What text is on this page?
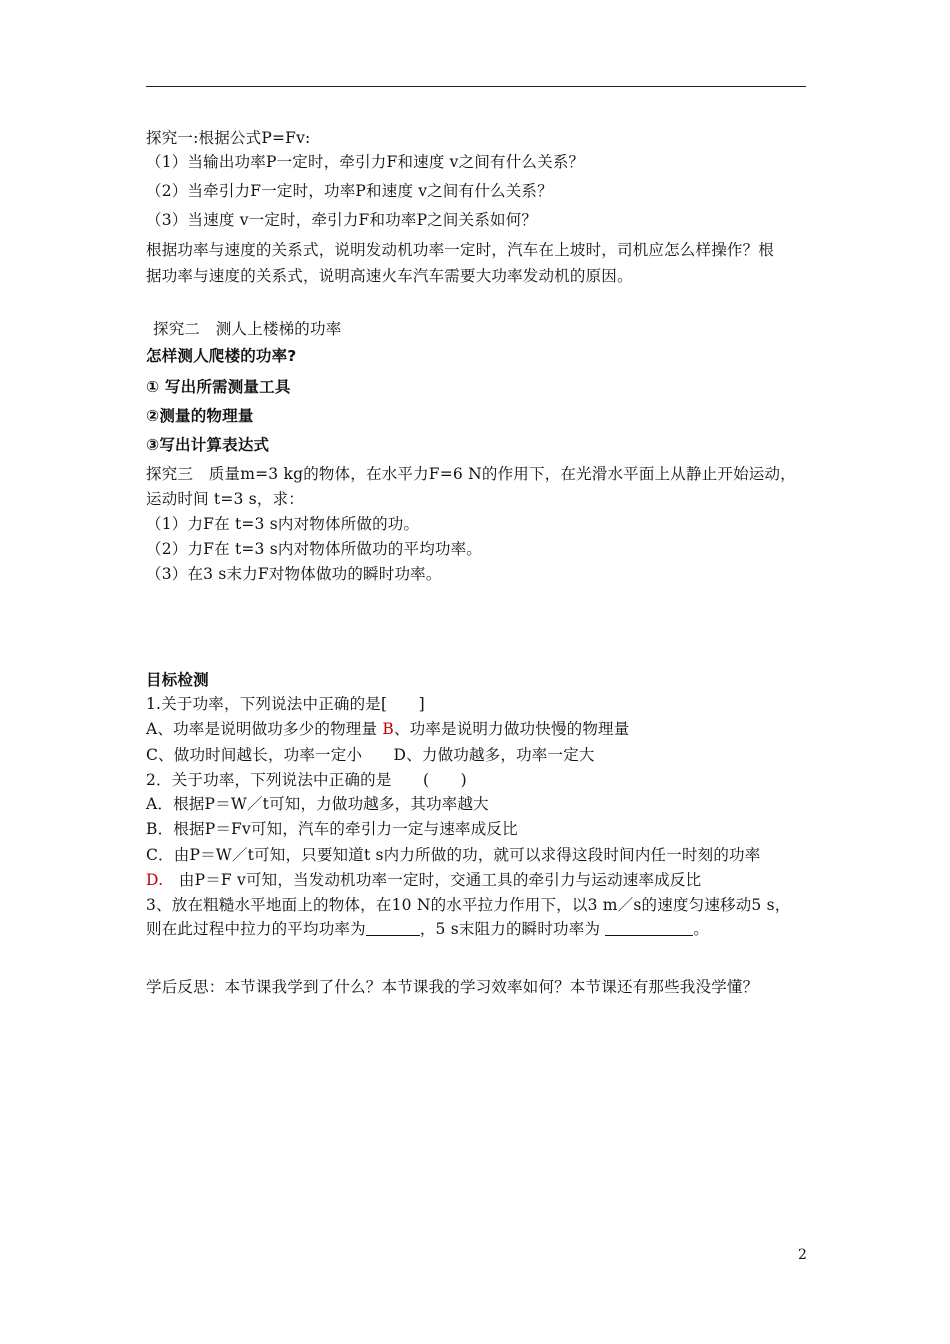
探究一:根据公式P=Fv:
（1）当输出功率P一定时，牵引力F和速度 v之间有什么关系？
（2）当牵引力F一定时，功率P和速度 v之间有什么关系？
（3）当速度 v一定时，牵引力F和功率P之间关系如何？
根据功率与速度的关系式，说明发动机功率一定时，汽车在上坡时，司机应怎么样操作？根
据功率与速度的关系式，说明高速火车汽车需要大功率发动机的原因。
探究二　测人上楼梯的功率
怎样测人爬楼的功率?
① 写出所需测量工具
②测量的物理量
③写出计算表达式
探究三　质量m=3 kg的物体，在水平力F=6 N的作用下，在光滑水平面上从静止开始运动，
运动时间 t=3 s，求：
（1）力F在 t=3 s内对物体所做的功。
（2）力F在 t=3 s内对物体所做功的平均功率。
（3）在3 s末力F对物体做功的瞬时功率。
目标检测
1.关于功率，下列说法中正确的是[　　]
A、功率是说明做功多少的物理量 B、功率是说明力做功快慢的物理量
C、做功时间越长，功率一定小　　D、力做功越多，功率一定大
2．关于功率，下列说法中正确的是　　(　　)
A．根据P＝W／t可知，力做功越多，其功率越大
B．根据P＝Fv可知，汽车的牵引力一定与速率成反比
C．由P＝W／t可知，只要知道t s内力所做的功，就可以求得这段时间内任一时刻的功率
D.　由P＝F v可知，当发动机功率一定时，交通工具的牵引力与运动速率成反比
3、放在粗糙水平地面上的物体，在10 N的水平拉力作用下，以3 m／s的速度匀速移动5 s，
则在此过程中拉力的平均功率为	，5 s末阻力的瞬时功率为	。
学后反思：本节课我学到了什么？本节课我的学习效率如何？本节课还有那些我没学懂？
2
